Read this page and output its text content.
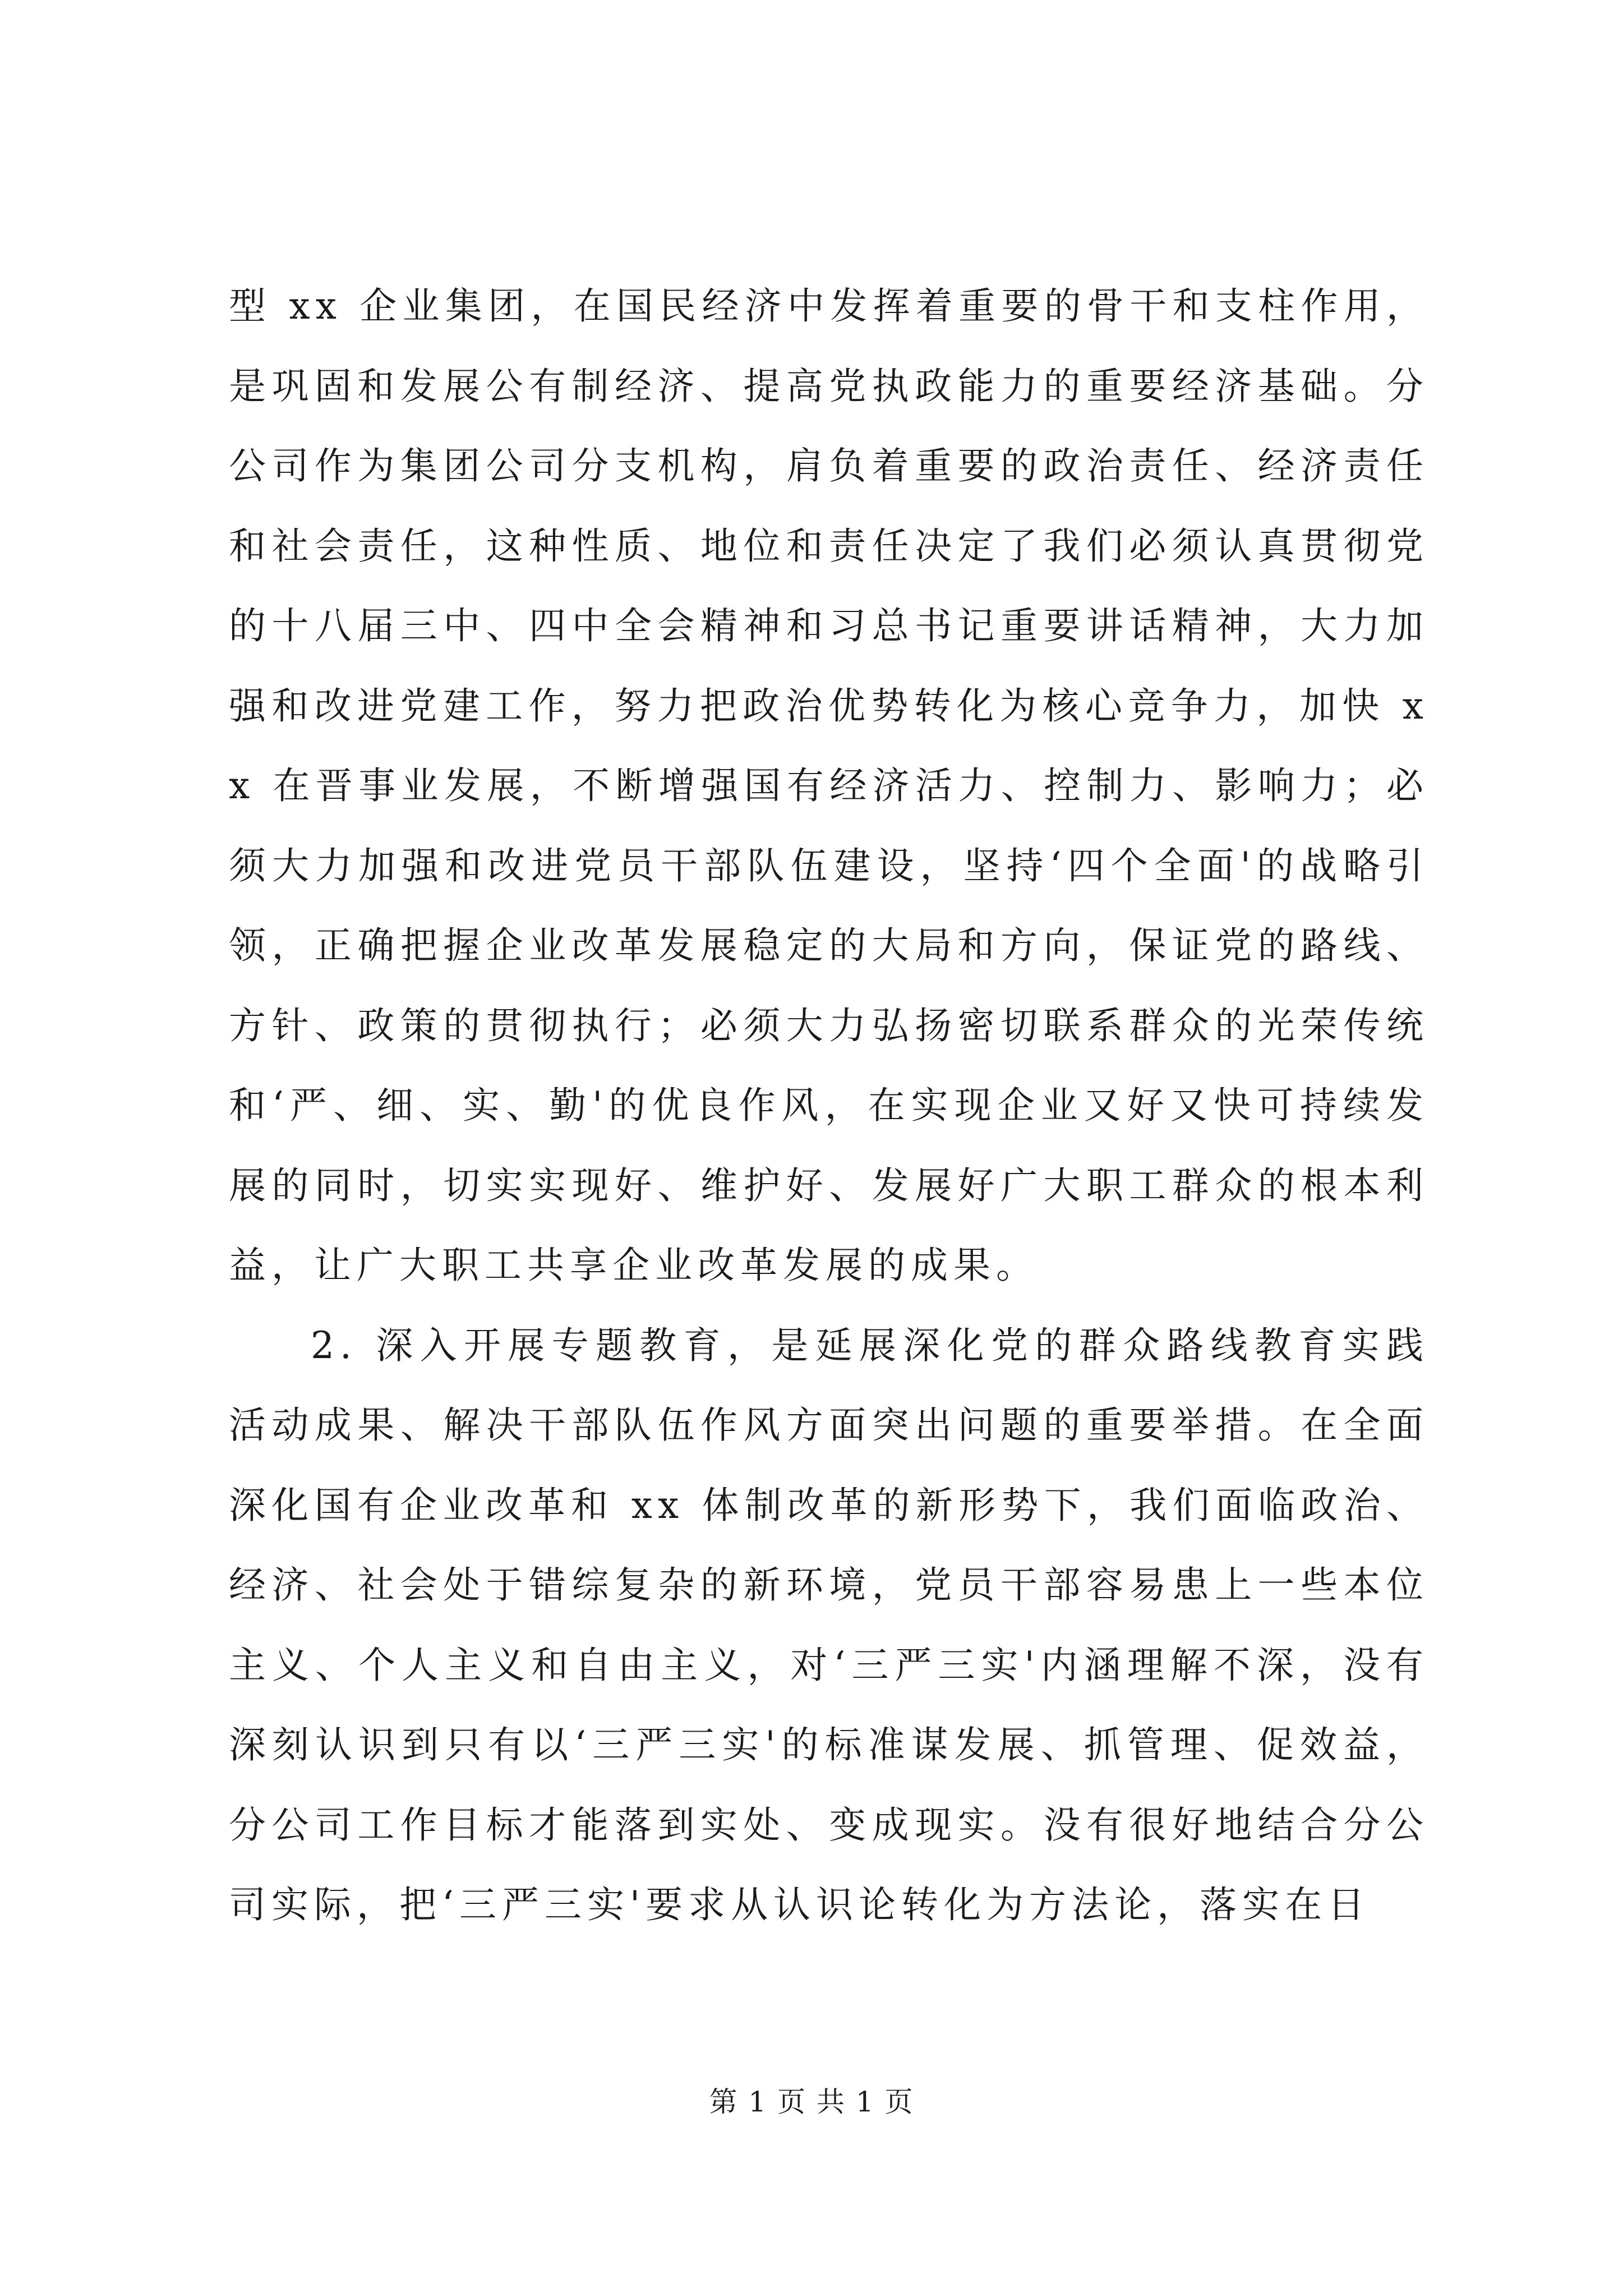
型 xx 企业集团，在国民经济中发挥着重要的骨干和支柱作用，是巩固和发展公有制经济、提高党执政能力的重要经济基础。分公司作为集团公司分支机构，肩负着重要的政治责任、经济责任和社会责任，这种性质、地位和责任决定了我们必须认真贯彻党的十八届三中、四中全会精神和习总书记重要讲话精神，大力加强和改进党建工作，努力把政治优势转化为核心竞争力，加快 xx 在晋事业发展，不断增强国有经济活力、控制力、影响力；必须大力加强和改进党员干部队伍建设，坚持‘四个全面'的战略引领，正确把握企业改革发展稳定的大局和方向，保证党的路线、方针、政策的贯彻执行；必须大力弘扬密切联系群众的光荣传统和‘严、细、实、勤'的优良作风，在实现企业又好又快可持续发展的同时，切实实现好、维护好、发展好广大职工群众的根本利益，让广大职工共享企业改革发展的成果。

2. 深入开展专题教育，是延展深化党的群众路线教育实践活动成果、解决干部队伍作风方面突出问题的重要举措。在全面深化国有企业改革和 xx 体制改革的新形势下，我们面临政治、经济、社会处于错综复杂的新环境，党员干部容易患上一些本位主义、个人主义和自由主义，对‘三严三实'内涵理解不深，没有深刻认识到只有以‘三严三实'的标准谋发展、抓管理、促效益，分公司工作目标才能落到实处、变成现实。没有很好地结合分公司实际，把‘三严三实'要求从认识论转化为方法论，落实在日

第 1 页 共 1 页
